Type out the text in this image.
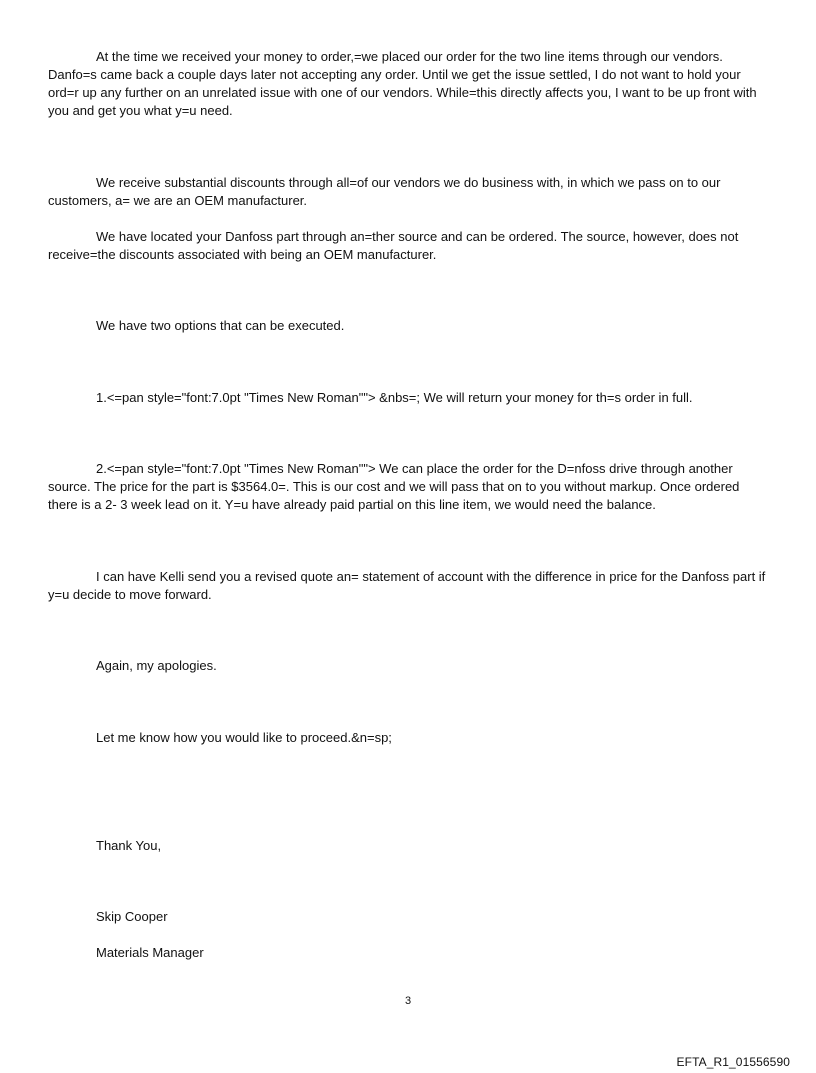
At the time we received your money to order,=we placed our order for the two line items through our vendors. Danfo=s came back a couple days later not accepting any order. Until we get the issue settled, I do not want to hold your ord=r up any further on an unrelated issue with one of our vendors. While=this directly affects you, I want to be up front with you and get you what y=u need.

We receive substantial discounts through all=of our vendors we do business with, in which we pass on to our customers, a= we are an OEM manufacturer.

We have located your Danfoss part through an=ther source and can be ordered. The source, however, does not receive=the discounts associated with being an OEM manufacturer.

We have two options that can be executed.

1.<=pan style="font:7.0pt "Times New Roman""> &nbs=; We will return your money for th=s order in full.

2.<=pan style="font:7.0pt "Times New Roman""> We can place the order for the D=nfoss drive through another source. The price for the part is $3564.0=. This is our cost and we will pass that on to you without markup. Once ordered there is a 2- 3 week lead on it. Y=u have already paid partial on this line item, we would need the balance.

I can have Kelli send you a revised quote an= statement of account with the difference in price for the Danfoss part if y=u decide to move forward.

Again, my apologies.

Let me know how you would like to proceed.&n=sp;

Thank You,

Skip Cooper

Materials Manager

3
EFTA_R1_01556590
